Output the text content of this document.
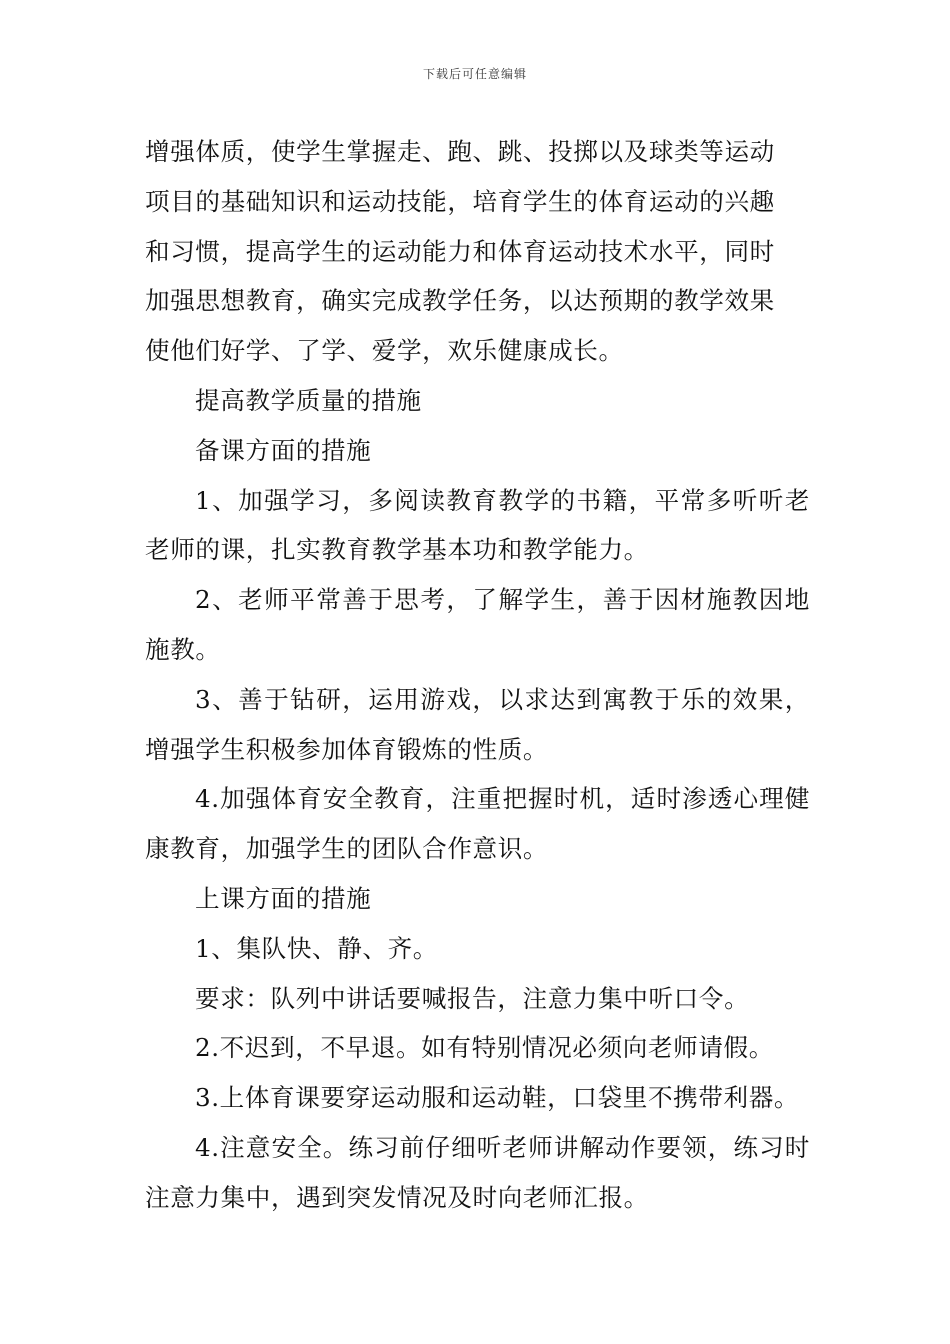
下载后可任意编辑

增强体质，使学生掌握走、跑、跳、投掷以及球类等运动
项目的基础知识和运动技能，培育学生的体育运动的兴趣
和习惯，提高学生的运动能力和体育运动技术水平，同时
加强思想教育，确实完成教学任务，以达预期的教学效果
使他们好学、了学、爱学，欢乐健康成长。

提高教学质量的措施

备课方面的措施

1、加强学习，多阅读教育教学的书籍，平常多听听老老师的课，扎实教育教学基本功和教学能力。

2、老师平常善于思考，了解学生，善于因材施教因地施教。

3、善于钻研，运用游戏，以求达到寓教于乐的效果，增强学生积极参加体育锻炼的性质。

4.加强体育安全教育，注重把握时机，适时渗透心理健康教育，加强学生的团队合作意识。

上课方面的措施

1、集队快、静、齐。

要求：队列中讲话要喊报告，注意力集中听口令。

2.不迟到，不早退。如有特别情况必须向老师请假。

3.上体育课要穿运动服和运动鞋，口袋里不携带利器。

4.注意安全。练习前仔细听老师讲解动作要领，练习时注意力集中，遇到突发情况及时向老师汇报。
